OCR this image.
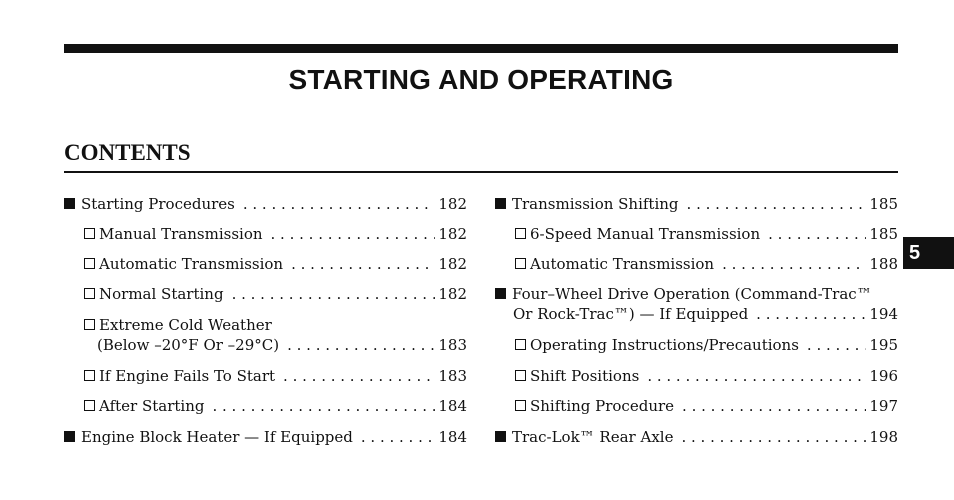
STARTING AND OPERATING
CONTENTS
Starting Procedures . . .	182
Manual Transmission . . .	182
Automatic Transmission . . .	182
Normal Starting . . .	182
Extreme Cold Weather
(Below –20°F Or –29°C) . . .	183
If Engine Fails To Start . . .	183
After Starting . . .	184
Engine Block Heater — If Equipped . . .	184
Transmission Shifting . . .	185
6-Speed Manual Transmission . . .	185
Automatic Transmission . . .	188
Four–Wheel Drive Operation (Command-Trac™
Or Rock-Trac™) — If Equipped . . .	194
Operating Instructions/Precautions . . .	195
Shift Positions . . .	196
Shifting Procedure . . .	197
Trac-Lok™ Rear Axle . . .	198
5
